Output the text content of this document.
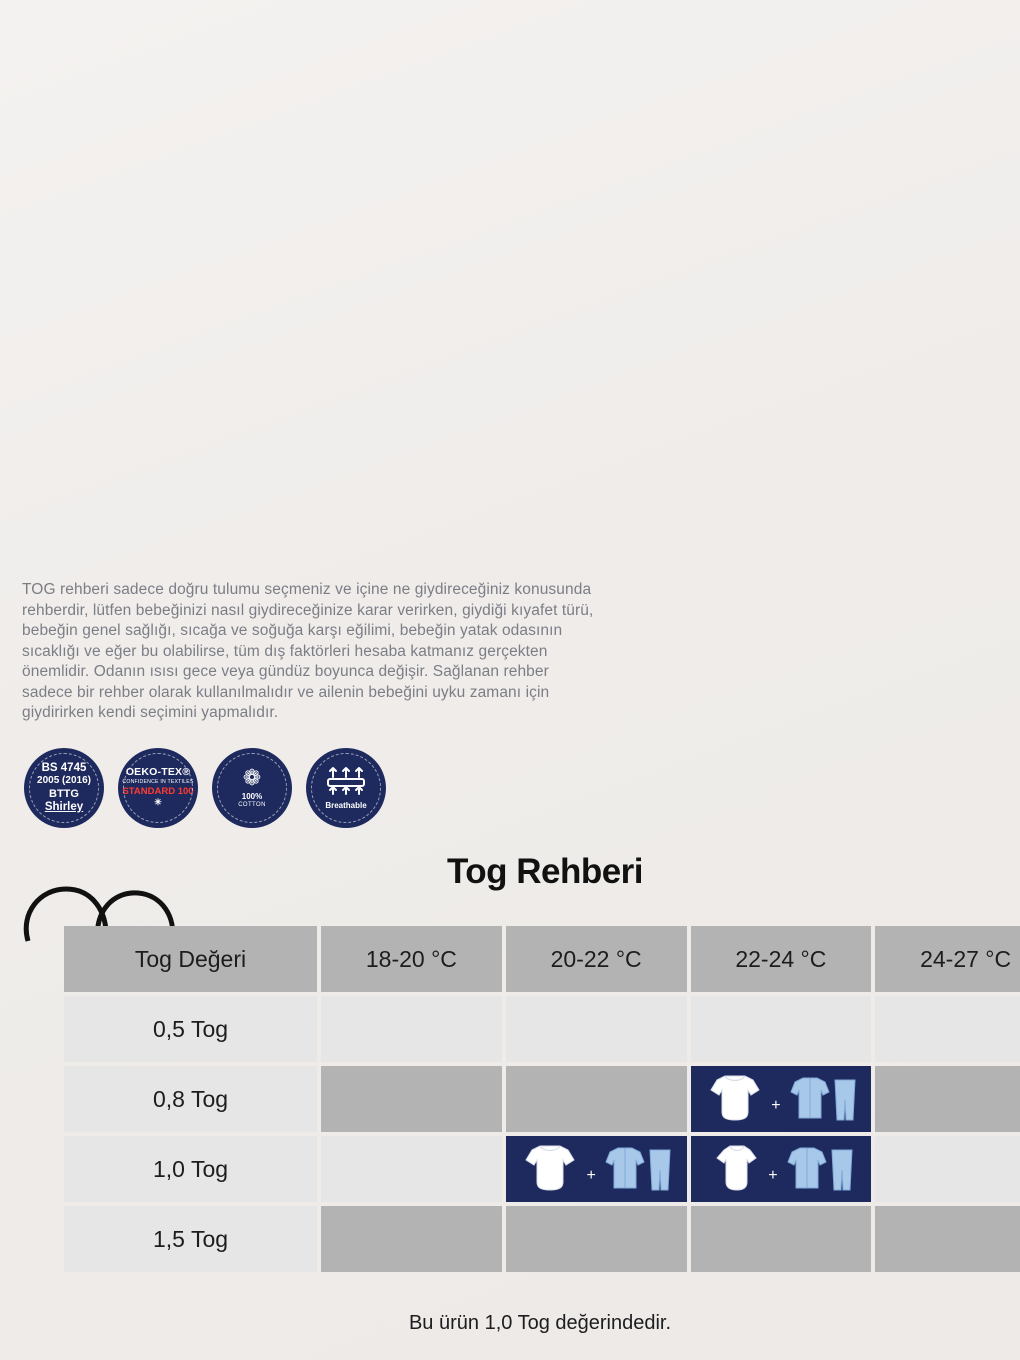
TOG rehberi sadece doğru tulumu seçmeniz ve içine ne giydireceğiniz konusunda rehberdir, lütfen bebeğinizi nasıl giydireceğinize karar verirken, giydiği kıyafet türü, bebeğin genel sağlığı, sıcağa ve soğuğa karşı eğilimi, bebeğin yatak odasının sıcaklığı ve eğer bu olabilirse, tüm dış faktörleri hesaba katmanız gerçekten önemlidir. Odanın ısısı gece veya gündüz boyunca değişir. Sağlanan rehber sadece bir rehber olarak kullanılmalıdır ve ailenin bebeğini uyku zamanı için giydirirken kendi seçimini yapmalıdır.
BS 4745
2005 (2016)
BTTG
Shirley
OEKO-TEX®
CONFIDENCE IN TEXTILES
STANDARD 100 ✳
❁
100%
COTTON	Breathable
Tog Rehberi
Tog Değeri	18-20 °C	20-22 °C	22-24 °C	24-27 °C
0,5 Tog				
0,8 Tog			+	

1,0 Tog		+	+	

1,5 Tog				
Bu ürün 1,0 Tog değerindedir.
